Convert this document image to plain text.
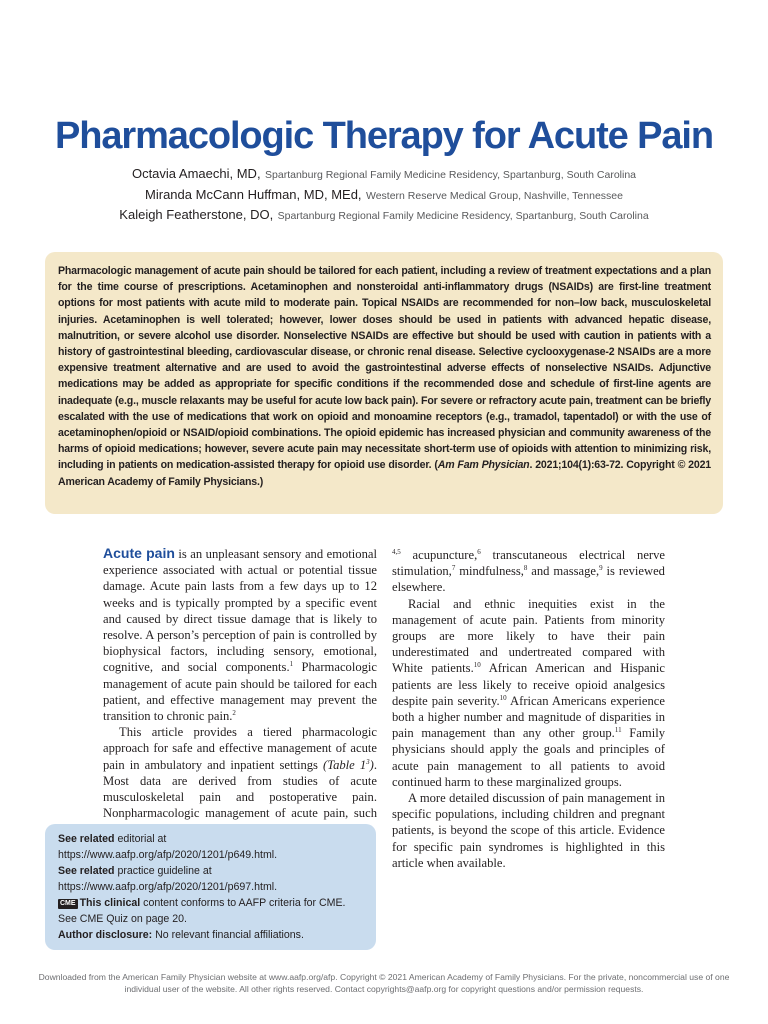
Pharmacologic Therapy for Acute Pain
Octavia Amaechi, MD, Spartanburg Regional Family Medicine Residency, Spartanburg, South Carolina
Miranda McCann Huffman, MD, MEd, Western Reserve Medical Group, Nashville, Tennessee
Kaleigh Featherstone, DO, Spartanburg Regional Family Medicine Residency, Spartanburg, South Carolina

Pharmacologic management of acute pain should be tailored for each patient, including a review of treatment expectations and a plan for the time course of prescriptions. Acetaminophen and nonsteroidal anti-inflammatory drugs (NSAIDs) are first-line treatment options for most patients with acute mild to moderate pain. Topical NSAIDs are recommended for non–low back, musculoskeletal injuries. Acetaminophen is well tolerated; however, lower doses should be used in patients with advanced hepatic disease, malnutrition, or severe alcohol use disorder. Nonselective NSAIDs are effective but should be used with caution in patients with a history of gastrointestinal bleeding, cardiovascular disease, or chronic renal disease. Selective cyclooxygenase-2 NSAIDs are a more expensive treatment alternative and are used to avoid the gastrointestinal adverse effects of nonselective NSAIDs. Adjunctive medications may be added as appropriate for specific conditions if the recommended dose and schedule of first-line agents are inadequate (e.g., muscle relaxants may be useful for acute low back pain). For severe or refractory acute pain, treatment can be briefly escalated with the use of medications that work on opioid and monoamine receptors (e.g., tramadol, tapentadol) or with the use of acetaminophen/opioid or NSAID/opioid combinations. The opioid epidemic has increased physician and community awareness of the harms of opioid medications; however, severe acute pain may necessitate short-term use of opioids with attention to minimizing risk, including in patients on medication-assisted therapy for opioid use disorder. (Am Fam Physician. 2021;104(1):63-72. Copyright © 2021 American Academy of Family Physicians.)

Acute pain is an unpleasant sensory and emotional experience associated with actual or potential tissue damage. Acute pain lasts from a few days up to 12 weeks and is typically prompted by a specific event and caused by direct tissue damage that is likely to resolve. A person’s perception of pain is controlled by biophysical factors, including sensory, emotional, cognitive, and social components.$^1$ Pharmacologic management of acute pain should be tailored for each patient, and effective management may prevent the transition to chronic pain.$^2$

This article provides a tiered pharmacologic approach for safe and effective management of acute pain in ambulatory and inpatient settings (Table $1^3$). Most data are derived from studies of acute musculoskeletal pain and postoperative pain. Nonpharmacologic management of acute pain, such

$^{4,5}$ acupuncture,$^6$ transcutaneous electrical nerve stimulation,$^7$ mindfulness,$^8$ and massage,$^9$ is reviewed elsewhere.

Racial and ethnic inequities exist in the management of acute pain. Patients from minority groups are more likely to have their pain underestimated and undertreated compared with White patients.$^{10}$ African American and Hispanic patients are less likely to receive opioid analgesics despite pain severity.$^{10}$ African Americans experience both a higher number and magnitude of disparities in pain management than any other group.$^{11}$ Family physicians should apply the goals and principles of acute pain management to all patients to avoid continued harm to these marginalized groups.

A more detailed discussion of pain management in specific populations, including children and pregnant patients, is beyond the scope of this article. Evidence for specific pain syndromes is highlighted in this article when available.

See related editorial at https://www.aafp.org/afp/2020/1201/p649.html.
See related practice guideline at https://www.aafp.org/afp/2020/1201/p697.html.
CME This clinical content conforms to AAFP criteria for CME. See CME Quiz on page 20.
Author disclosure: No relevant financial affiliations.
Downloaded from the American Family Physician website at www.aafp.org/afp. Copyright © 2021 American Academy of Family Physicians. For the private, noncommercial use of one individual user of the website. All other rights reserved. Contact copyrights@aafp.org for copyright questions and/or permission requests.
